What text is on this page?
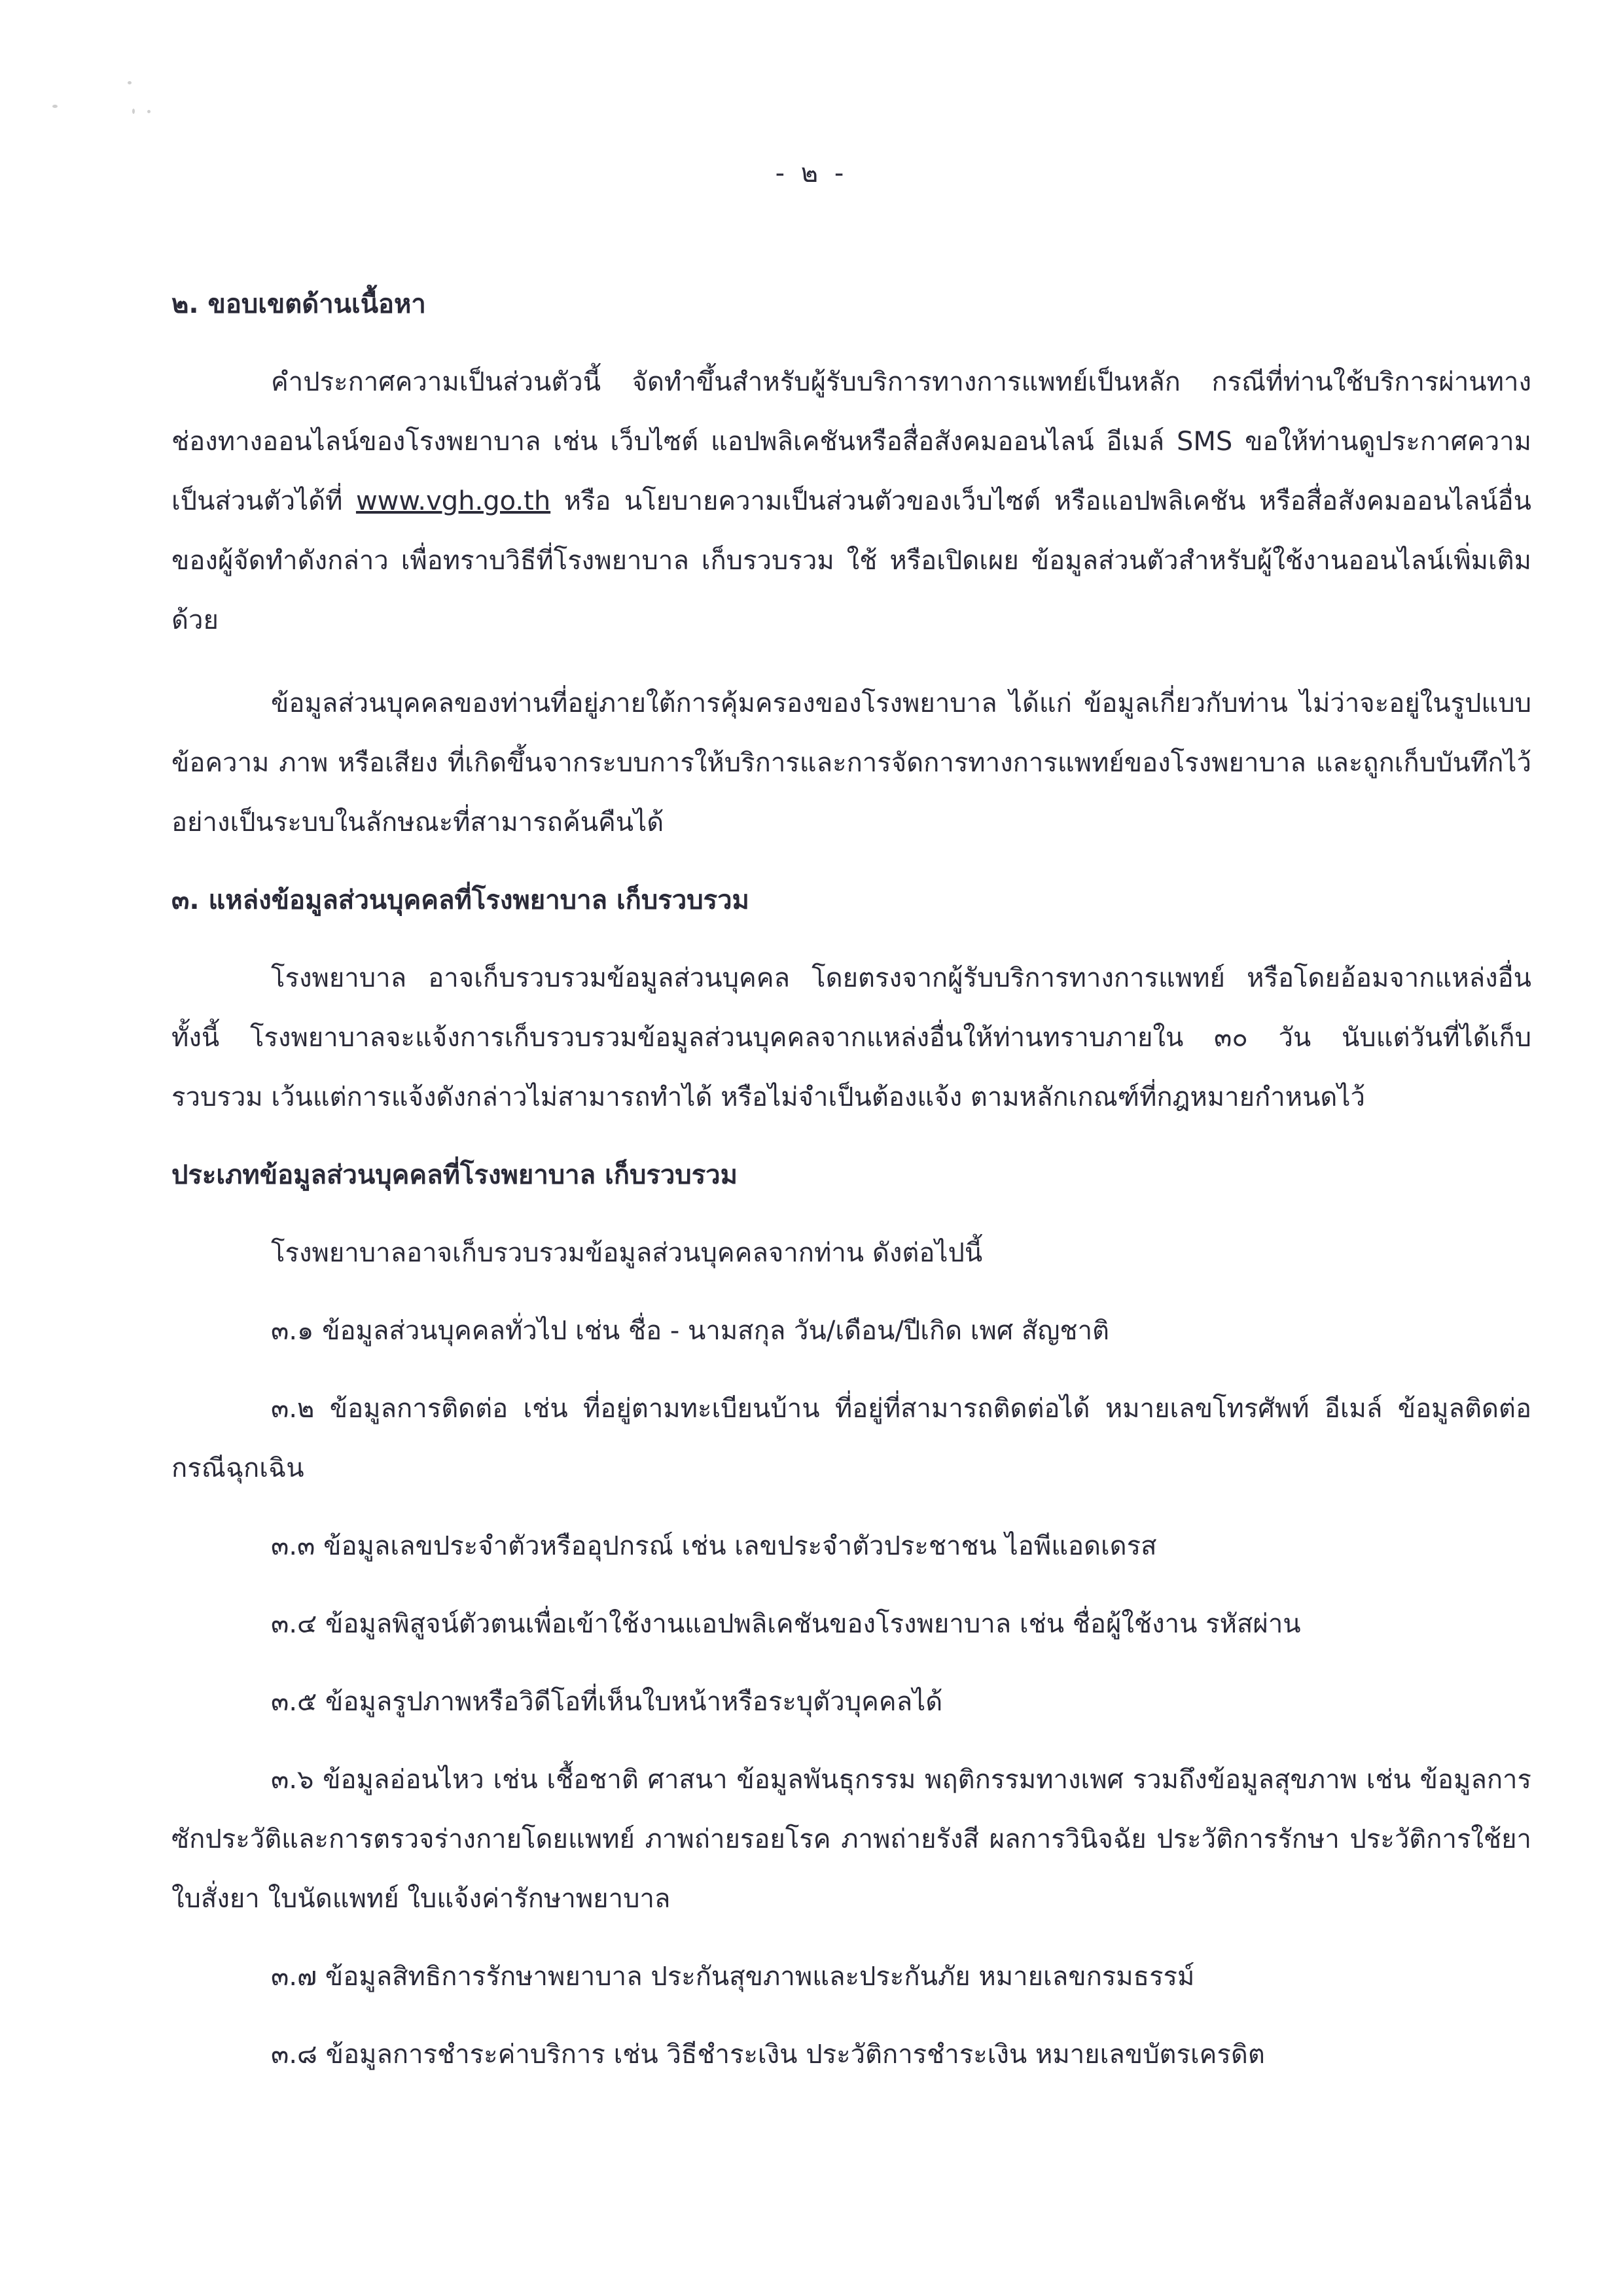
- ๒ -
๒. ขอบเขตด้านเนื้อหา

คำประกาศความเป็นส่วนตัวนี้ จัดทำขึ้นสำหรับผู้รับบริการทางการแพทย์เป็นหลัก กรณีที่ท่านใช้บริการผ่านทางช่องทางออนไลน์ของโรงพยาบาล เช่น เว็บไซต์ แอปพลิเคชันหรือสื่อสังคมออนไลน์ อีเมล์ SMS ขอให้ท่านดูประกาศความเป็นส่วนตัวได้ที่ www.vgh.go.th หรือ นโยบายความเป็นส่วนตัวของเว็บไซต์ หรือแอปพลิเคชัน หรือสื่อสังคมออนไลน์อื่น ของผู้จัดทำดังกล่าว เพื่อทราบวิธีที่โรงพยาบาล เก็บรวบรวม ใช้ หรือเปิดเผย ข้อมูลส่วนตัวสำหรับผู้ใช้งานออนไลน์เพิ่มเติมด้วย

ข้อมูลส่วนบุคคลของท่านที่อยู่ภายใต้การคุ้มครองของโรงพยาบาล ได้แก่ ข้อมูลเกี่ยวกับท่าน ไม่ว่าจะอยู่ในรูปแบบข้อความ ภาพ หรือเสียง ที่เกิดขึ้นจากระบบการให้บริการและการจัดการทางการแพทย์ของโรงพยาบาล และถูกเก็บบันทึกไว้อย่างเป็นระบบในลักษณะที่สามารถค้นคืนได้

๓. แหล่งข้อมูลส่วนบุคคลที่โรงพยาบาล เก็บรวบรวม

โรงพยาบาล อาจเก็บรวบรวมข้อมูลส่วนบุคคล โดยตรงจากผู้รับบริการทางการแพทย์ หรือโดยอ้อมจากแหล่งอื่น ทั้งนี้ โรงพยาบาลจะแจ้งการเก็บรวบรวมข้อมูลส่วนบุคคลจากแหล่งอื่นให้ท่านทราบภายใน ๓๐ วัน นับแต่วันที่ได้เก็บรวบรวม เว้นแต่การแจ้งดังกล่าวไม่สามารถทำได้ หรือไม่จำเป็นต้องแจ้ง ตามหลักเกณฑ์ที่กฎหมายกำหนดไว้

ประเภทข้อมูลส่วนบุคคลที่โรงพยาบาล เก็บรวบรวม

โรงพยาบาลอาจเก็บรวบรวมข้อมูลส่วนบุคคลจากท่าน ดังต่อไปนี้

๓.๑ ข้อมูลส่วนบุคคลทั่วไป เช่น ชื่อ - นามสกุล วัน/เดือน/ปีเกิด เพศ สัญชาติ

๓.๒ ข้อมูลการติดต่อ เช่น ที่อยู่ตามทะเบียนบ้าน ที่อยู่ที่สามารถติดต่อได้ หมายเลขโทรศัพท์ อีเมล์ ข้อมูลติดต่อกรณีฉุกเฉิน

๓.๓ ข้อมูลเลขประจำตัวหรืออุปกรณ์ เช่น เลขประจำตัวประชาชน ไอพีแอดเดรส

๓.๔ ข้อมูลพิสูจน์ตัวตนเพื่อเข้าใช้งานแอปพลิเคชันของโรงพยาบาล เช่น ชื่อผู้ใช้งาน รหัสผ่าน

๓.๕ ข้อมูลรูปภาพหรือวิดีโอที่เห็นใบหน้าหรือระบุตัวบุคคลได้

๓.๖ ข้อมูลอ่อนไหว เช่น เชื้อชาติ ศาสนา ข้อมูลพันธุกรรม พฤติกรรมทางเพศ รวมถึงข้อมูลสุขภาพ เช่น ข้อมูลการซักประวัติและการตรวจร่างกายโดยแพทย์ ภาพถ่ายรอยโรค ภาพถ่ายรังสี ผลการวินิจฉัย ประวัติการรักษา ประวัติการใช้ยา ใบสั่งยา ใบนัดแพทย์ ใบแจ้งค่ารักษาพยาบาล

๓.๗ ข้อมูลสิทธิการรักษาพยาบาล ประกันสุขภาพและประกันภัย หมายเลขกรมธรรม์

๓.๘ ข้อมูลการชำระค่าบริการ เช่น วิธีชำระเงิน ประวัติการชำระเงิน หมายเลขบัตรเครดิต
